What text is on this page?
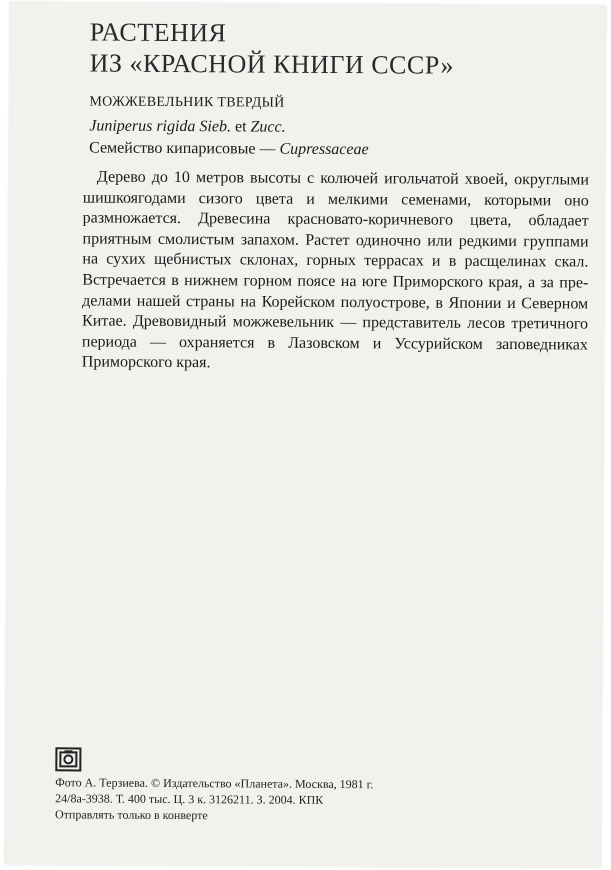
РАСТЕНИЯ
ИЗ «КРАСНОЙ КНИГИ СССР»
МОЖЖЕВЕЛЬНИК ТВЕРДЫЙ

Juniperus rigida Sieb. et Zucc.

Семейство кипарисовые — Cupressaceae

Дерево до 10 метров высоты с колючей игольчатой хвоей, округлыми шишкоягодами сизого цвета и мелкими семенами, которыми оно размножается. Древесина красновато-коричневого цвета, обладает приятным смолистым запахом. Растет одиночно или редкими группами на сухих щебнистых склонах, горных террасах и в расщелинах скал. Встречается в нижнем горном поясе на юге Приморского края, а за пределами нашей страны на Корейском полуострове, в Японии и Северном Китае. Древовидный можжевельник — представитель лесов третичного периода — охраняется в Лазовском и Уссурийском заповедниках Приморского края.

Фото А. Терзиева. © Издательство «Планета». Москва, 1981 г.
24/8а-3938. Т. 400 тыс. Ц. 3 к. 3126211. З. 2004. КПК
Отправлять только в конверте
